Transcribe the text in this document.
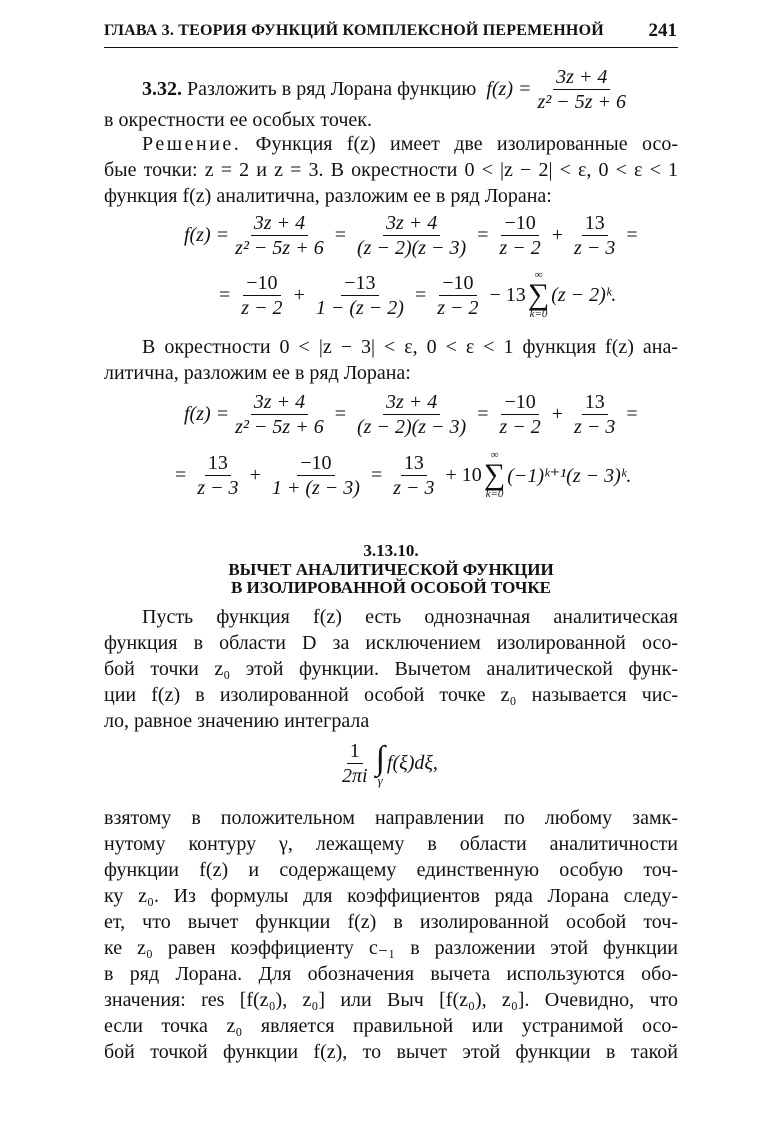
ГЛАВА 3. ТЕОРИЯ ФУНКЦИЙ КОМПЛЕКСНОЙ ПЕРЕМЕННОЙ 241
3.32.
Разложить в ряд Лорана функцию
$f(z) = \frac{3z + 4}{\text{z² − 5z + 6}}$
в окрестности ее особых точек.
Решение. Функция f(z) имеет две изолированные осо-
бые точки: z = 2 и z = 3. В окрестности 0 < |z − 2| < ε, 0 < ε < 1
функция f(z) аналитична, разложим ее в ряд Лорана:
$f(z) = \frac{3z + 4}{\text{z² − 5z + 6}} = \frac{3z + 4}{(z - 2)(z - 3)} = \frac{-10}{z - 2} + \frac{13}{z - 3}$ =
= $\frac{-10}{z - 2} + \frac{-13}{1 - (z - 2)} = \frac{-10}{z - 2} - 13$
∞
∑
k=0
(z − 2)ᵏ.
В окрестности 0 < |z − 3| < ε, 0 < ε < 1 функция f(z) ана-
литична, разложим ее в ряд Лорана:
$f(z) = \frac{3z + 4}{\text{z² − 5z + 6}} = \frac{3z + 4}{(z - 2)(z - 3)} = \frac{-10}{z - 2} + \frac{13}{z - 3}$ =
= $\frac{13}{z - 3} + \frac{-10}{1 + (z - 3)} = \frac{13}{z - 3} + 10$
∞
∑
k=0
(−1)ᵏ⁺¹(z − 3)ᵏ.
3.13.10.
ВЫЧЕТ АНАЛИТИЧЕСКОЙ ФУНКЦИИ
В ИЗОЛИРОВАННОЙ ОСОБОЙ ТОЧКЕ
Пусть функция f(z) есть однозначная аналитическая
функция в области D за исключением изолированной осо-
бой точки z₀ этой функции. Вычетом аналитической функ-
ции f(z) в изолированной особой точке z₀ называется чис-
ло, равное значению интеграла
$\frac{1}{2\pi i}$ ∫
γ
f(ξ)dξ,
взятому в положительном направлении по любому замк-
нутому контуру γ, лежащему в области аналитичности
функции f(z) и содержащему единственную особую точ-
ку z₀. Из формулы для коэффициентов ряда Лорана следу-
ет, что вычет функции f(z) в изолированной особой точ-
ке z₀ равен коэффициенту c₋₁ в разложении этой функции
в ряд Лорана. Для обозначения вычета используются обо-
значения: res [f(z₀), z₀] или Выч [f(z₀), z₀]. Очевидно, что
если точка z₀ является правильной или устранимой осо-
бой точкой функции f(z), то вычет этой функции в такой
